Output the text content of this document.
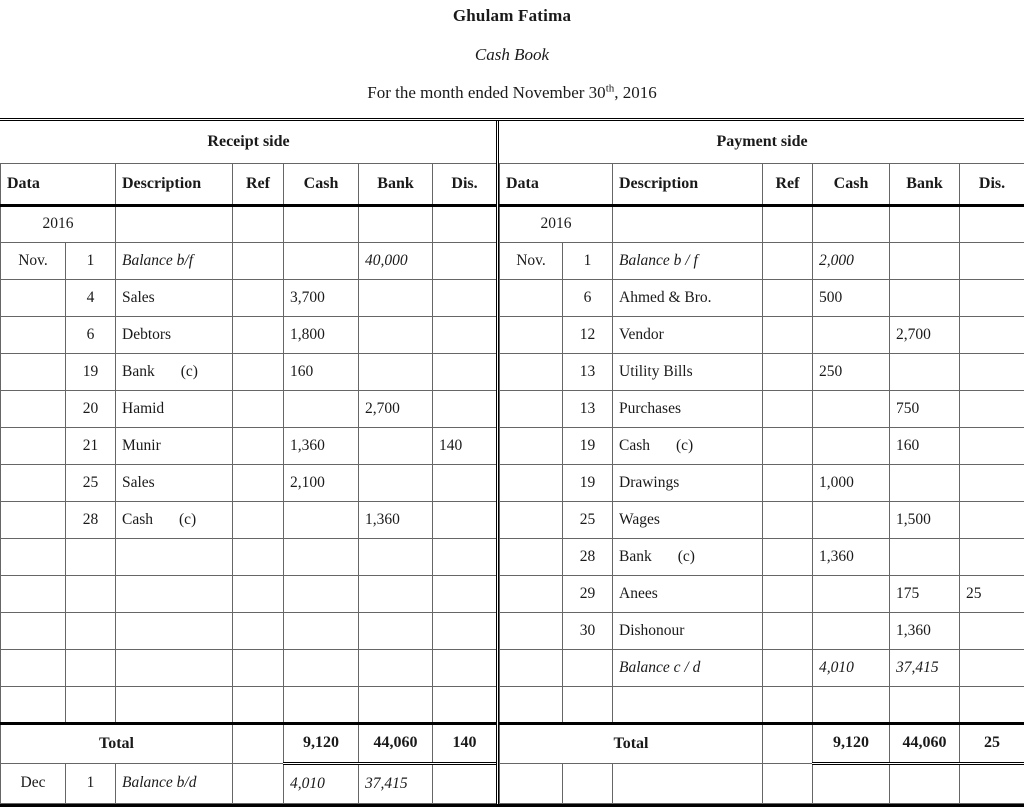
Ghulam Fatima
Cash Book
For the month ended November 30th, 2016
Receipt side						
Data		Description	Ref	Cash	Bank	Dis.
2016						
Nov.	1	Balance b/f			40,000	
	4	Sales		3,700		
	6	Debtors		1,800		
	19	Bank (c)		160		
	20	Hamid			2,700	
	21	Munir		1,360		140
	25	Sales		2,100		
	28	Cash (c)			1,360	

Total				9,120	44,060	140
Dec	1	Balance b/d		4,010	37,415	
Payment side						
Data		Description	Ref	Cash	Bank	Dis.
2016						
Nov.	1	Balance b / f		2,000		
	6	Ahmed & Bro.		500		
	12	Vendor			2,700	
	13	Utility Bills		250		
	13	Purchases			750	
	19	Cash (c)			160	
	19	Drawings		1,000		
	25	Wages			1,500	
	28	Bank (c)		1,360		
	29	Anees			175	25
	30	Dishonour			1,360	
		Balance c / d		4,010	37,415	

Total				9,120	44,060	25
